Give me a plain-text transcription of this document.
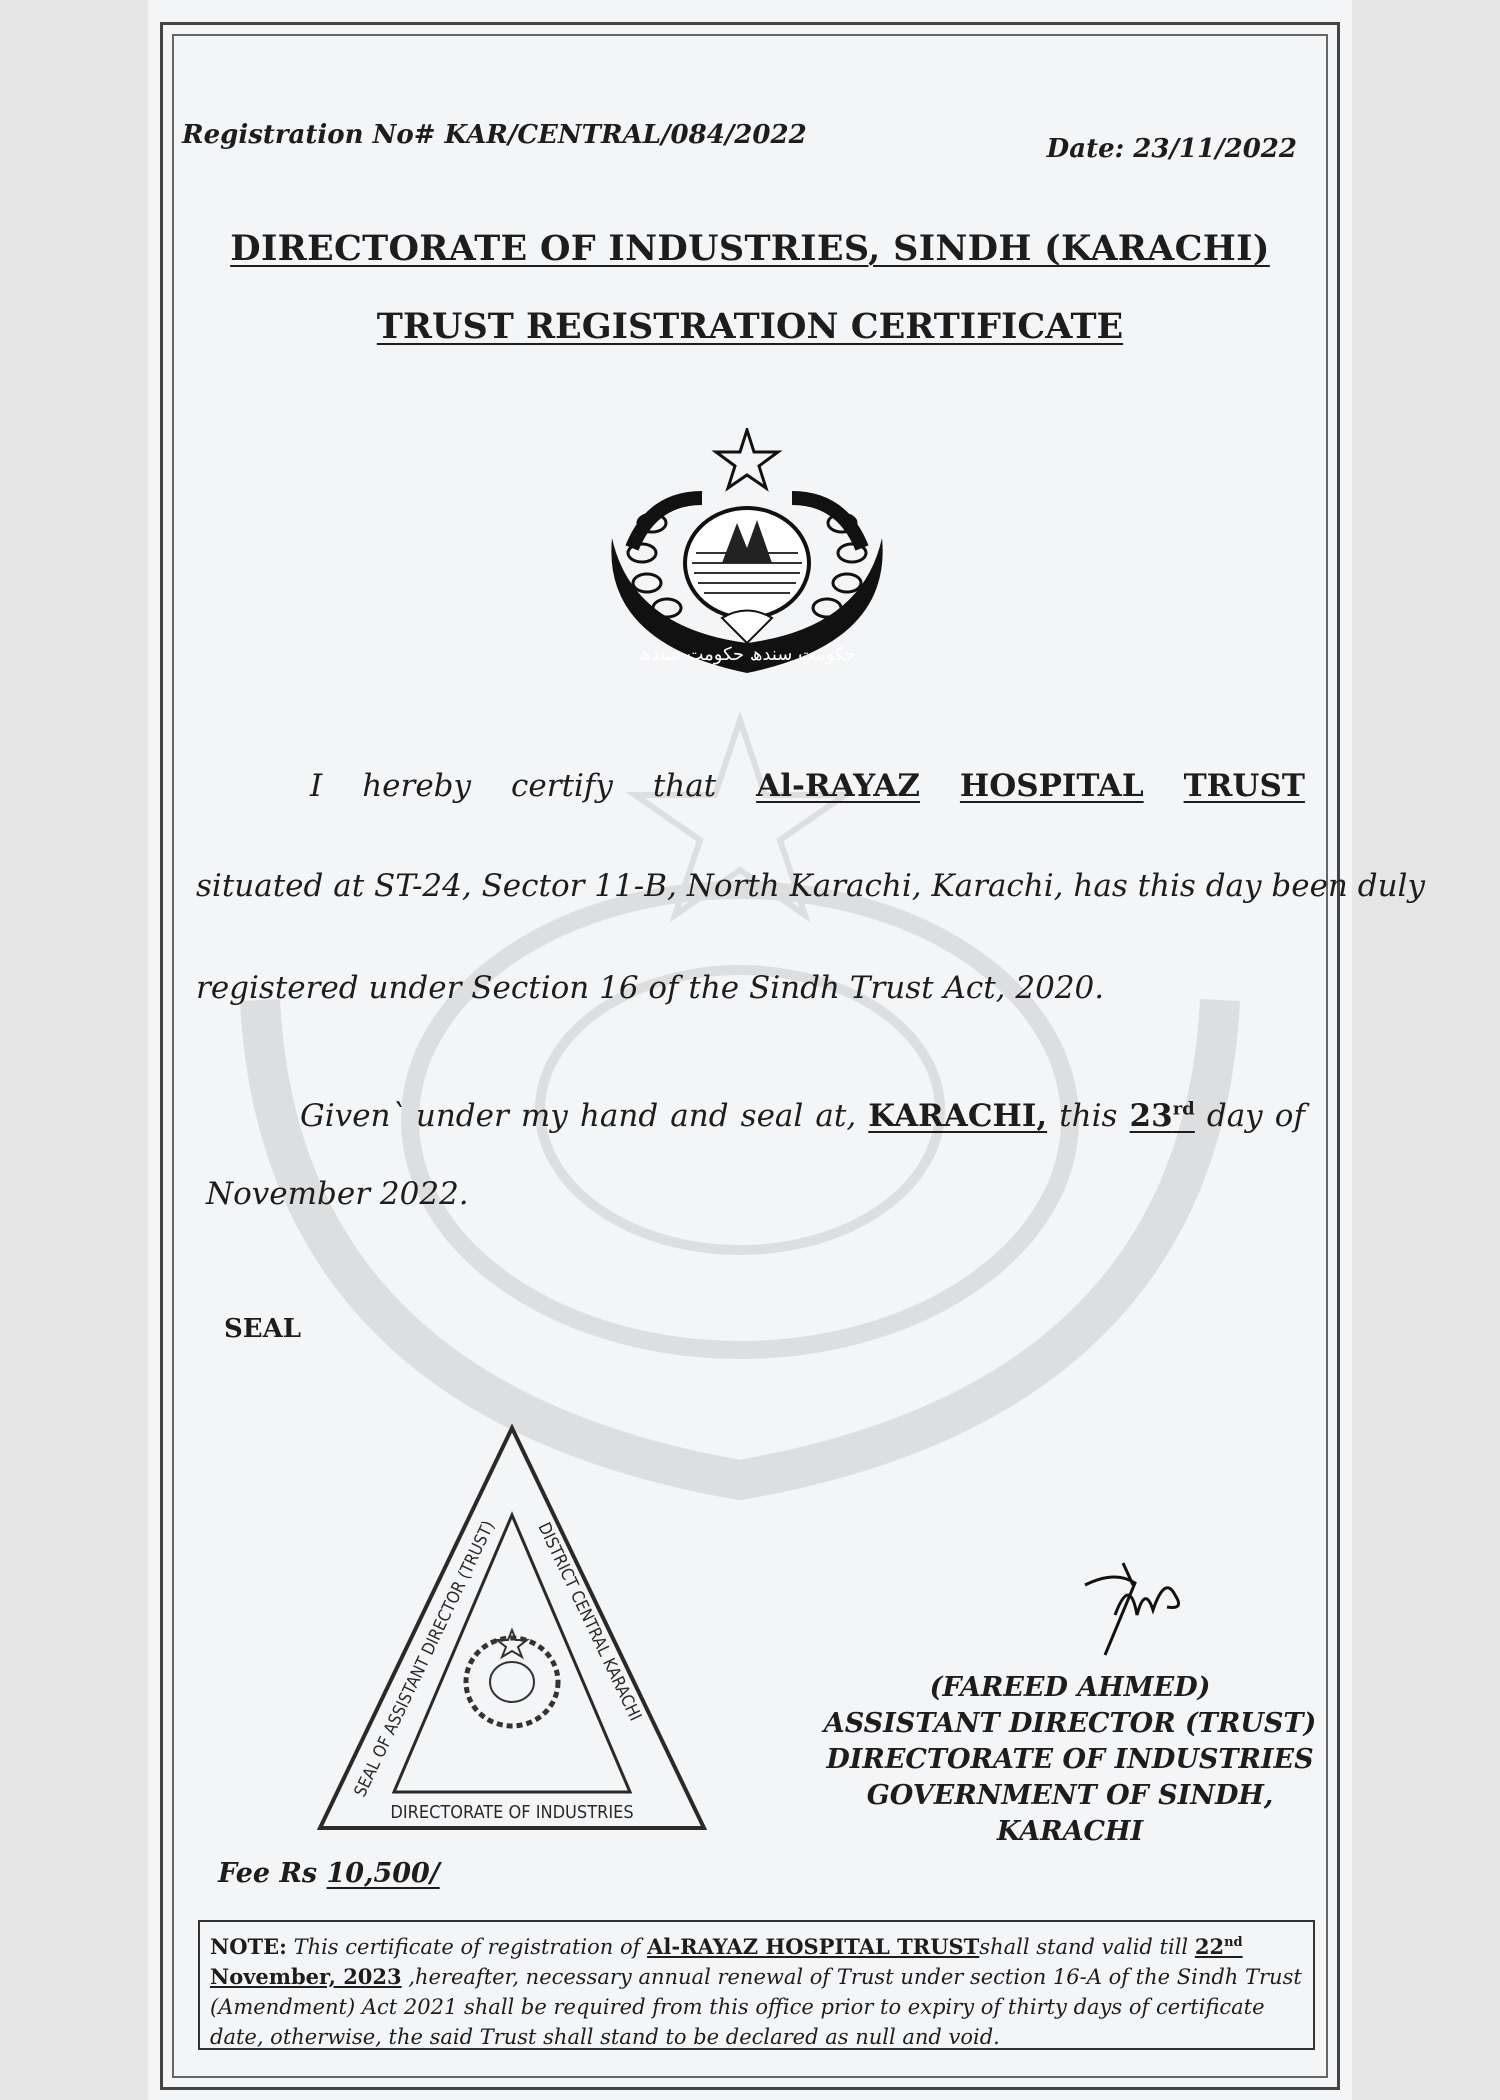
Registration No# KAR/CENTRAL/084/2022	Date: 23/11/2022
DIRECTORATE OF INDUSTRIES, SINDH (KARACHI)
TRUST REGISTRATION CERTIFICATE
حکومتِ سندھ حکومت سندھ
I hereby certify that Al-RAYAZ HOSPITAL TRUST
situated at ST-24, Sector 11-B, North Karachi, Karachi, has this day been duly
registered under Section 16 of the Sindh Trust Act, 2020.
Given` under my hand and seal at, KARACHI, this 23rd day of
November 2022.
SEAL
SEAL OF ASSISTANT DIRECTOR (TRUST) DISTRICT CENTRAL KARACHI
DIRECTORATE OF INDUSTRIES
(FAREED AHMED)
ASSISTANT DIRECTOR (TRUST)
DIRECTORATE OF INDUSTRIES
GOVERNMENT OF SINDH, KARACHI
Fee Rs 10,500/
NOTE: This certificate of registration of Al-RAYAZ HOSPITAL TRUSTshall stand valid till 22nd November, 2023 ,hereafter, necessary annual renewal of Trust under section 16-A of the Sindh Trust (Amendment) Act 2021 shall be required from this office prior to expiry of thirty days of certificate date, otherwise, the said Trust shall stand to be declared as null and void.
